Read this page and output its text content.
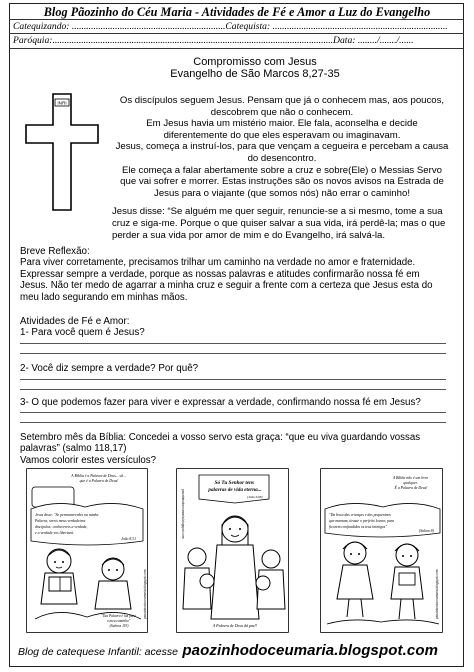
Blog Pãozinho do Céu Maria - Atividades de Fé e Amor a Luz do Evangelho
Catequizando: ................................................................Catequista: .........................................................................
Paróquia:.....................................................................................................................Data: ......../......./......
Compromisso com Jesus
Evangelho de São Marcos 8,27-35
INRI	Os discípulos seguem Jesus. Pensam que já o conhecem mas, aos poucos,
descobrem que não o conhecem.
Em Jesus havia um mistério maior. Ele fala, aconselha e decide
diferentemente do que eles esperavam ou imaginavam.
Jesus, começa a instruí-los, para que vençam a cegueira e percebam a causa
do desencontro.
Ele começa a falar abertamente sobre a cruz e sobre(Ele) o Messias Servo
que vai sofrer e morrer. Estas instruções são os novos avisos na Estrada de
Jesus para o viajante (que somos nós) não errar o caminho!
Jesus disse: “Se alguém me quer seguir, renuncie-se a si mesmo, tome a sua
cruz e siga-me. Porque o que quiser salvar a sua vida, irá perdê-la; mas o que
perder a sua vida por amor de mim e do Evangelho, irá salvá-la.
Breve Reflexão:
Para viver corretamente, precisamos trilhar um caminho na verdade no amor e fraternidade.
Expressar sempre a verdade, porque as nossas palavras e atitudes confirmarão nossa fé em
Jesus. Não ter medo de agarrar a minha cruz e seguir a frente com a certeza que Jesus esta do
meu lado segurando em minhas mãos.
Atividades de Fé e Amor:
1- Para você quem é Jesus?
2- Você diz sempre a verdade? Por quê?
3- O que podemos fazer para viver e expressar a verdade, confirmando nossa fé em Jesus?
Setembro mês da Bíblia: Concedei a vosso servo esta graça: “que eu viva guardando vossas
palavras” (salmo 118,17)
Vamos colorir estes versículos?
A Bíblia é a Palavra de Deus... sã... que é a Palavra de Deus!
Jesus disse: "Se permanecerdes na minha Palavra, sereis meus verdadeiros discípulos; conhecereis a verdade, e a verdade vos libertará. João 8,31
"Tua Palavra é luz para o meu caminho" (Salmos 119)
paozinhodoceumaria.blogspot.com
Só Tu Senhor tens palavras de vida eterna...
(João 6,68)
A Palavra de Deus dá paz!!
paozinhodoceumaria.blogspot.com
A Bíblia não é um livro qualquer. É a Palavra de Deus!
"Da boca das crianças e dos pequeninos que mamam, tiraste o perfeito louvor, para ficarem confundidos os teus inimigos" (Salmo 8)
paozinhodoceumaria.blogspot.com
Blog de catequese Infantil: acesse paozinhodoceumaria.blogspot.com
